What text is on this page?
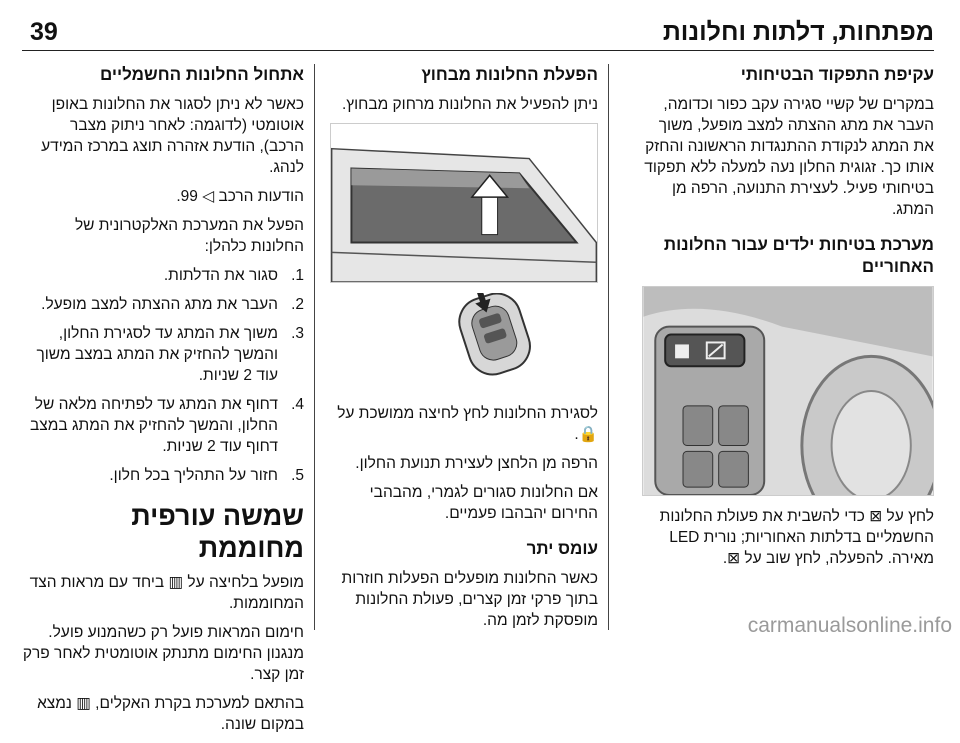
39	מפתחות, דלתות וחלונות
עקיפת התפקוד הבטיחותי

במקרים של קשיי סגירה עקב כפור וכדומה, העבר את מתג ההצתה למצב מופעל, משוך את המתג לנקודת ההתנגדות הראשונה והחזק אותו כך. זגוגית החלון נעה למעלה ללא תפקוד בטיחותי פעיל. לעצירת התנועה, הרפה מן המתג.

מערכת בטיחות ילדים עבור החלונות האחוריים

לחץ על ⊠ כדי להשבית את פעולת החלונות החשמליים בדלתות האחוריות; נורית LED מאירה. להפעלה, לחץ שוב על ⊠.

הפעלת החלונות מבחוץ

ניתן להפעיל את החלונות מרחוק מבחוץ.

לסגירת החלונות לחץ לחיצה ממושכת על 🔒.

הרפה מן הלחצן לעצירת תנועת החלון.

אם החלונות סגורים לגמרי, מהבהבי החירום יהבהבו פעמיים.

עומס יתר

כאשר החלונות מופעלים הפעלות חוזרות בתוך פרקי זמן קצרים, פעולת החלונות מופסקת לזמן מה.

אתחול החלונות החשמליים

כאשר לא ניתן לסגור את החלונות באופן אוטומטי (לדוגמה: לאחר ניתוק מצבר הרכב), הודעת אזהרה תוצג במרכז המידע לנהג.

הודעות הרכב ◁ 99.

הפעל את המערכת האלקטרונית של החלונות כלהלן:

1.
סגור את הדלתות.
2.
העבר את מתג ההצתה למצב מופעל.
3.
משוך את המתג עד לסגירת החלון, והמשך להחזיק את המתג במצב משוך עוד 2 שניות.
4.
דחוף את המתג עד לפתיחה מלאה של החלון, והמשך להחזיק את המתג במצב דחוף עוד 2 שניות.
5.
חזור על התהליך בכל חלון.
שמשה עורפית מחוממת

מופעל בלחיצה על ▥ ביחד עם מראות הצד המחוממות.

חימום המראות פועל רק כשהמנוע פועל. מנגנון החימום מתנתק אוטומטית לאחר פרק זמן קצר.

בהתאם למערכת בקרת האקלים, ▥ נמצא במקום שונה.

carmanualsonline.info
